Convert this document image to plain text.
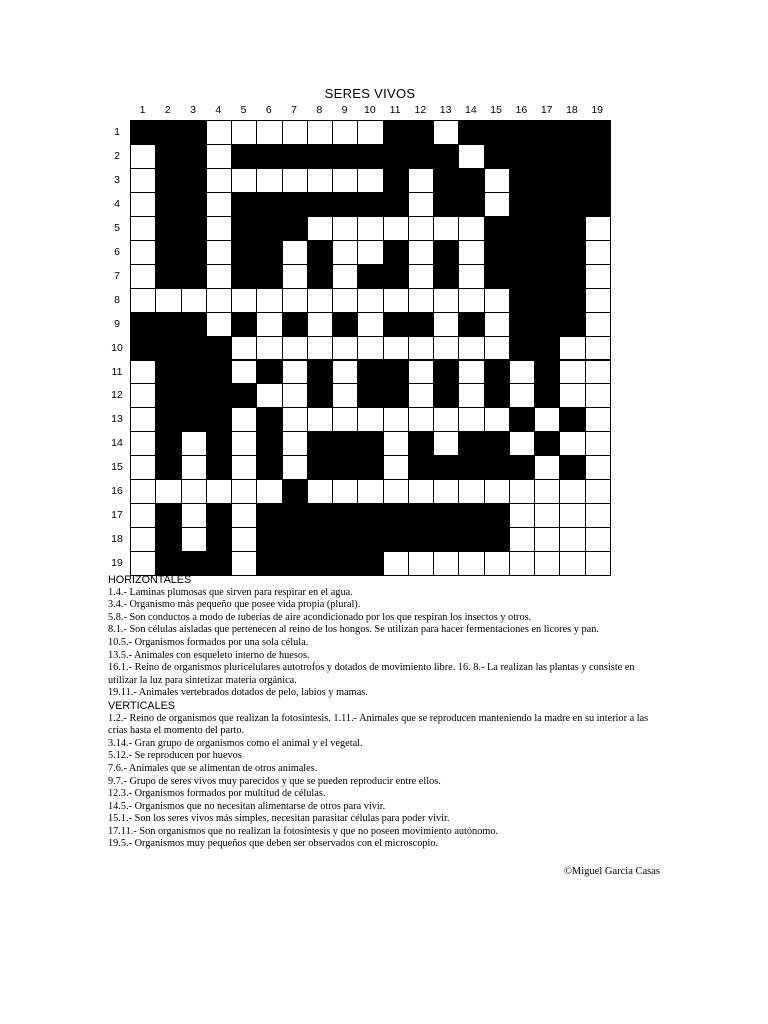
SERES VIVOS
1	2	3	4	5	6	7	8	9	10	11	12	13	14	15	16	17	18	19
1
2
3
4
5
6
7
8
9
10
11
12
13
14
15
16
17
18
19
HORIZONTALES

1.4.- Laminas plumosas que sirven para respirar en el agua.

3.4.- Organismo más pequeño que posee vida propia (plural).

5.8.- Son conductos a modo de tuberías de aire acondicionado por los que respiran los insectos y otros.

8.1.- Son células aisladas que pertenecen al reino de los hongos. Se utilizan para hacer fermentaciones en licores y pan.

10.5.- Organismos formados por una sola célula.

13.5.- Animales con esqueleto interno de huesos.

16.1.- Reino de organismos pluricelulares autotrofos y dotados de movimiento libre. 16. 8.- La realizan las plantas y consiste en utilizar la luz para sintetizar materia orgánica.

19.11.- Animales vertebrados dotados de pelo, labios y mamas.

VERTICALES

1.2.- Reino de organismos que realizan la fotosíntesis. 1.11.- Animales que se reproducen manteniendo la madre en su interior a las crías hasta el momento del parto.

3.14.- Gran grupo de organismos como el animal y el vegetal.

5.12.- Se reproducen por huevos

7.6.- Animales que se alimentan de otros animales.

9.7.- Grupo de seres vivos muy parecidos y que se pueden reproducir entre ellos.

12.3.- Organismos formados por multitud de células.

14.5.- Organismos que no necesitan alimentarse de otros para vivir.

15.1.- Son los seres vivos más simples, necesitan parasitar células para poder vivir.

17.11.- Son organismos que no realizan la fotosíntesis y que no poseen movimiento autónomo.

19.5.- Organismos muy pequeños que deben ser observados con el microscopio.

©Miguel Garcia Casas
